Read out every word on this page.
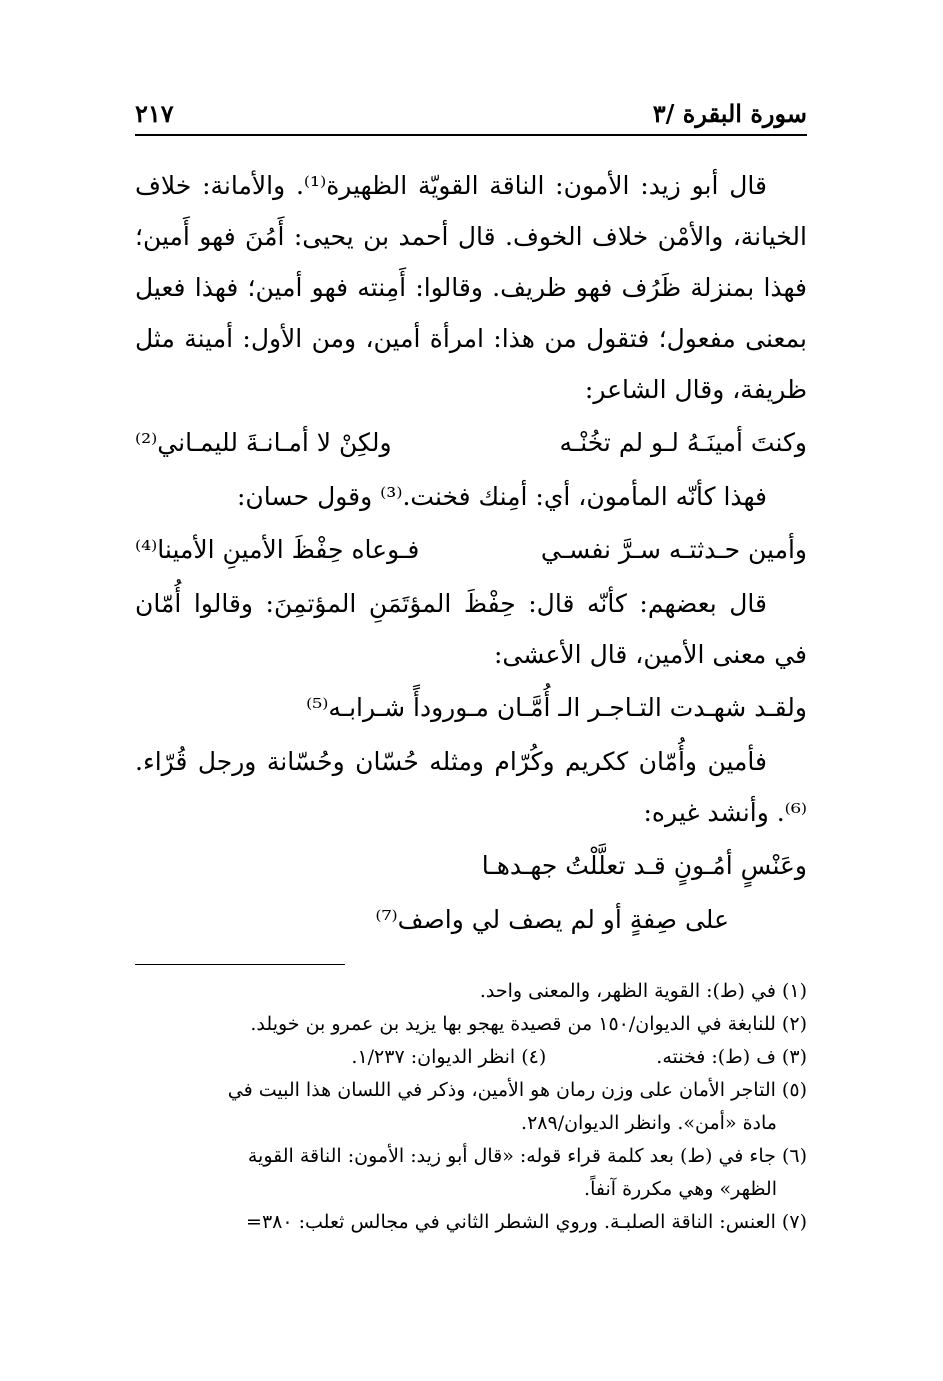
سورة البقرة /٣
٢١٧

قال أبو زيد: الأمون: الناقة القويّة الظهيرة⁽¹⁾. والأمانة: خلاف الخيانة، والأمْن خلاف الخوف. قال أحمد بن يحيى: أَمُنَ فهو أَمين؛ فهذا بمنزلة ظَرُف فهو ظريف. وقالوا: أَمِنته فهو أمين؛ فهذا فعيل بمعنى مفعول؛ فتقول من هذا: امرأة أمين، ومن الأول: أمينة مثل ظريفة، وقال الشاعر:

وكنتَ أمينَـهُ لـو لم تخُنْـه
ولكِنْ لا أمـانـةَ لليمـاني⁽²⁾

فهذا كأنّه المأمون، أي: أمِنك فخنت.⁽³⁾ وقول حسان:

وأمين حـدثتـه سـرَّ نفسـي
فـوعاه حِفْظَ الأمينِ الأمينا⁽⁴⁾

قال بعضهم: كأنّه قال: حِفْظَ المؤتَمَنِ المؤتمِنَ: وقالوا أُمّان في معنى الأمين، قال الأعشى:

ولقـد شهـدت التـاجـر الـ أُمَّـان مـورودأً شـرابـه⁽⁵⁾

فأمين وأُمّان ككريم وكُرّام ومثله حُسّان وحُسّانة ورجل قُرّاء.⁽⁶⁾. وأنشد غيره:

وعَنْسٍ أمُـونٍ قـد تعلَّلْتُ جهـدهـا
على صِفةٍ أو لم يصف لي واصف⁽⁷⁾

(١) في (ط): القوية الظهر، والمعنى واحد.

(٢) للنابغة في الديوان/١٥٠ من قصيدة يهجو بها يزيد بن عمرو بن خويلد.

(٣) ف (ط): فخنته.
(٤) انظر الديوان: ١/٢٣٧.

(٥) التاجر الأمان على وزن رمان هو الأمين، وذكر في اللسان هذا البيت في

مادة «أمن». وانظر الديوان/٢٨٩.

(٦) جاء في (ط) بعد كلمة قراء قوله: «قال أبو زيد: الأمون: الناقة القوية

الظهر» وهي مكررة آنفاً.

(٧) العنس: الناقة الصلبـة. وروي الشطر الثاني في مجالس ثعلب: ٣٨٠=
